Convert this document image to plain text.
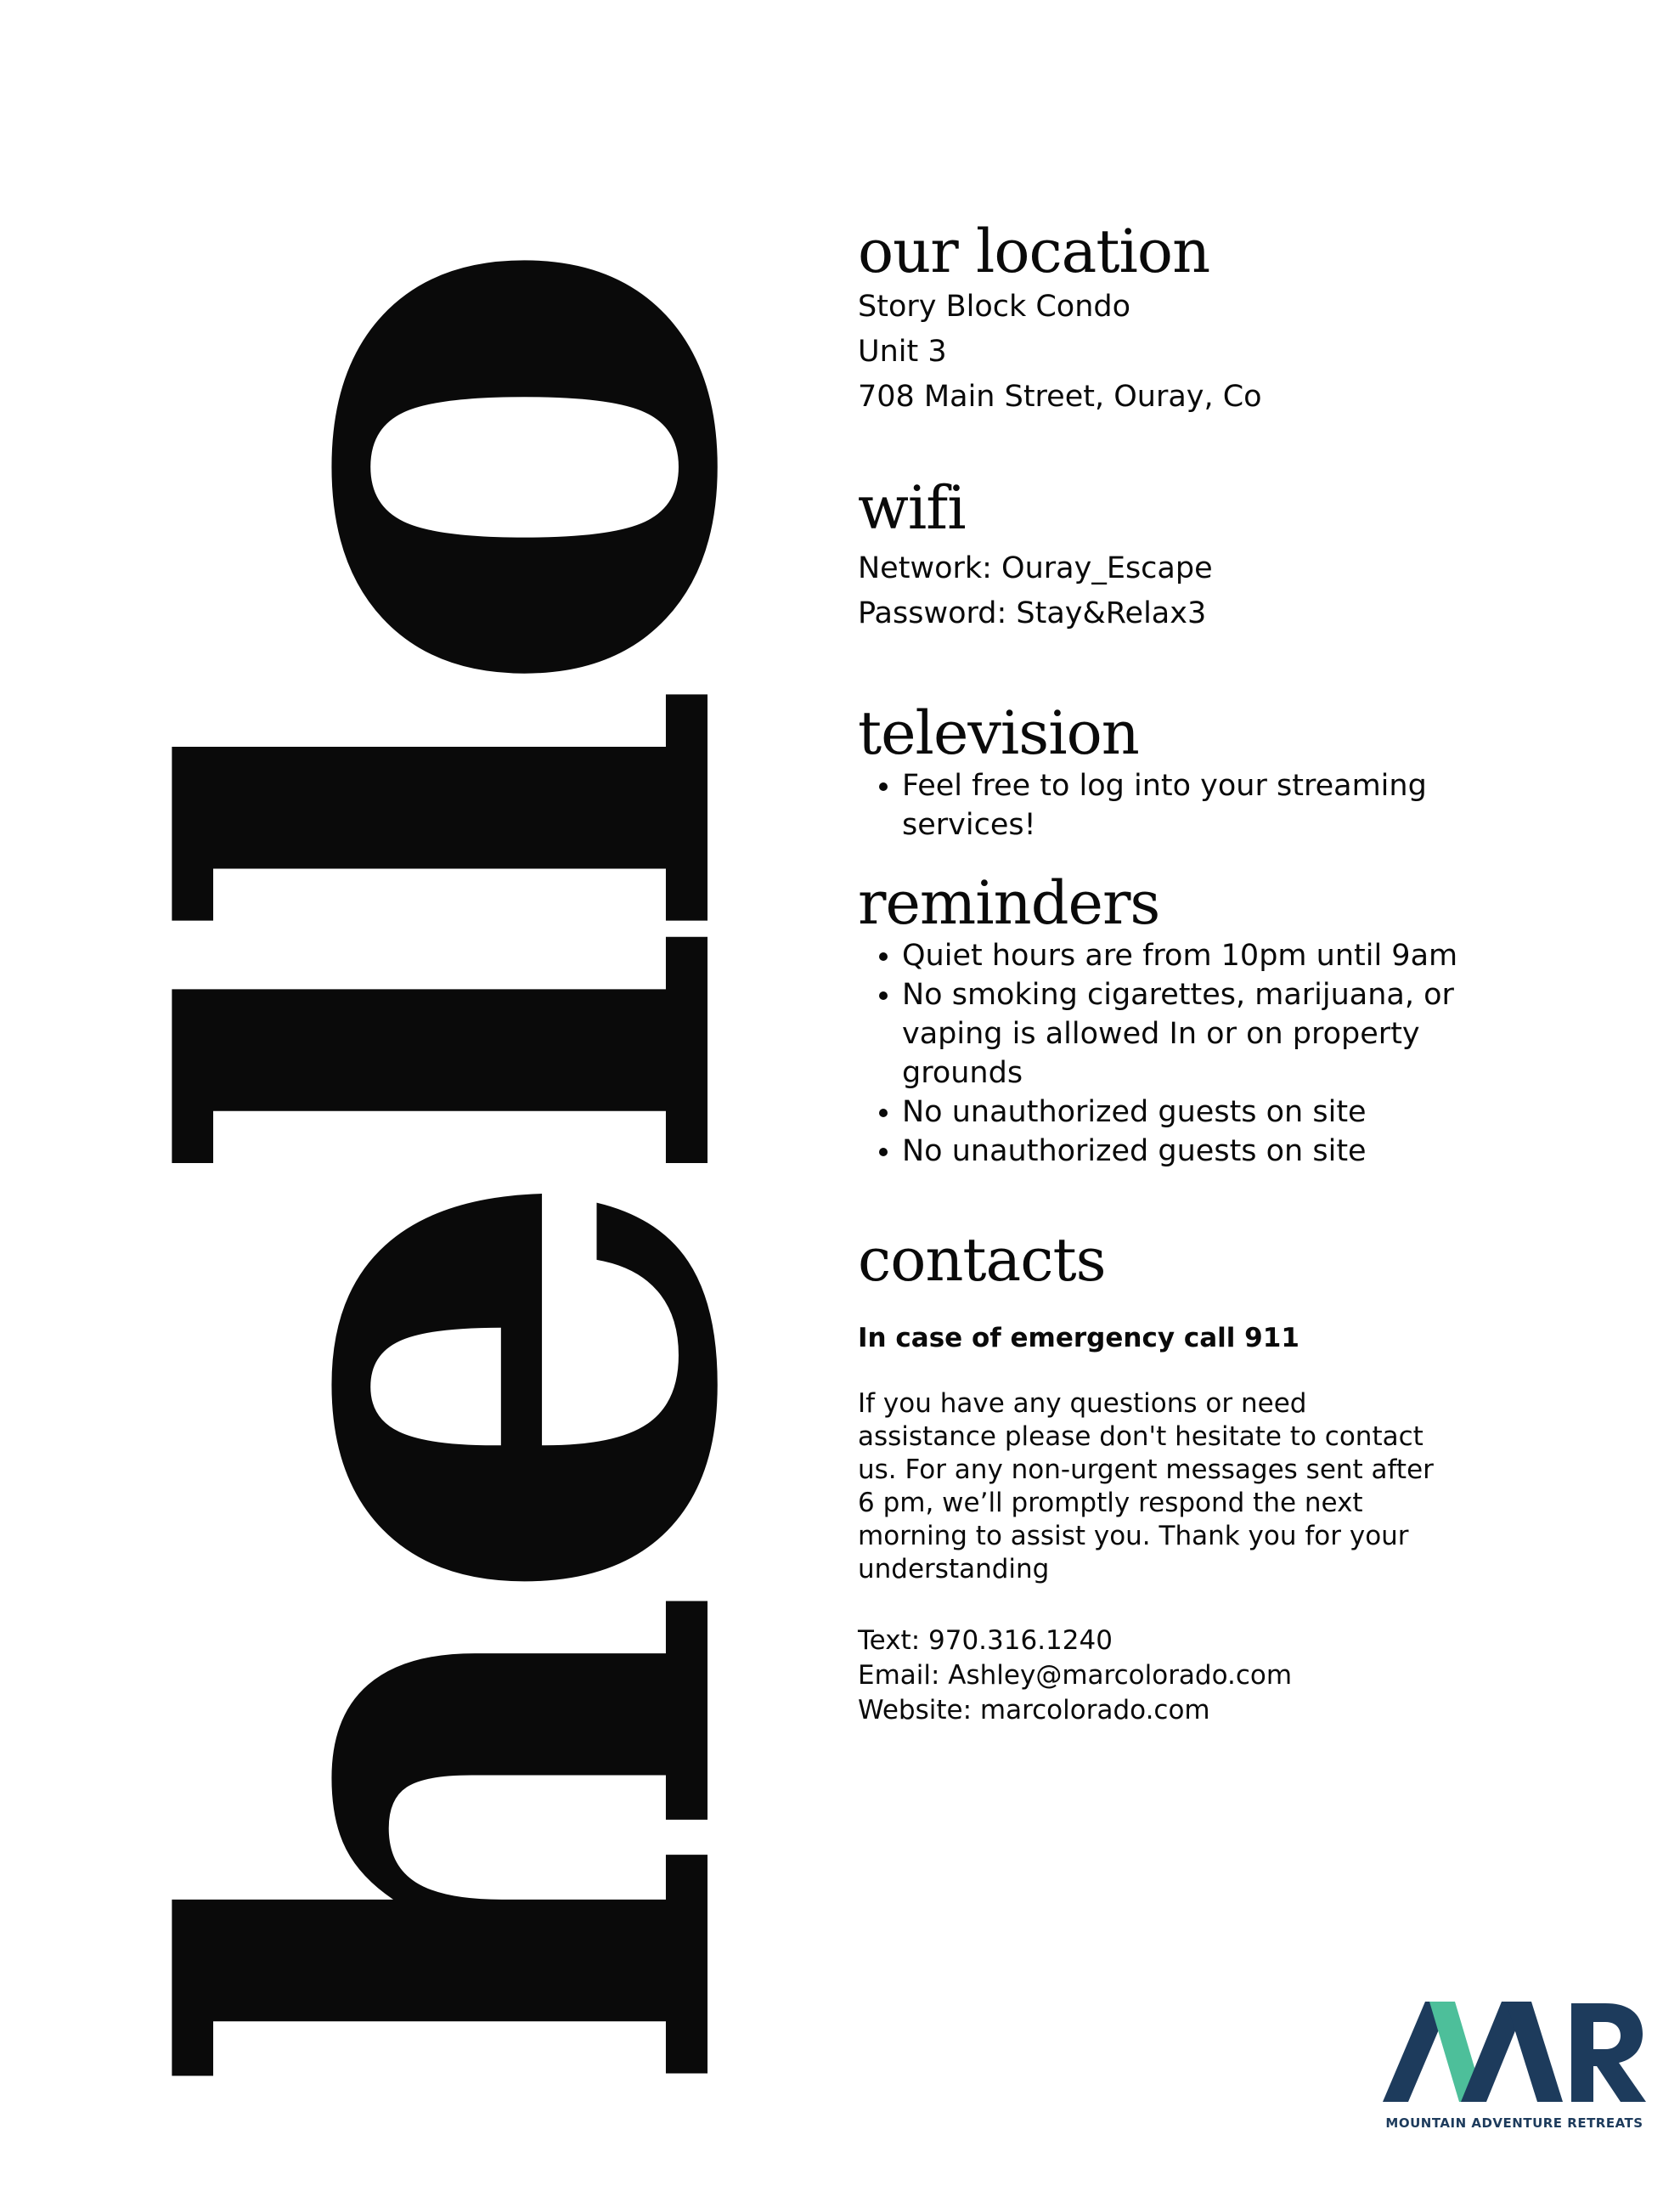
hello
our location
Story Block Condo
Unit 3
708 Main Street, Ouray, Co
wifi
Network: Ouray_Escape
Password: Stay&Relax3
television
• Feel free to log into your streaming services!
reminders
• Quiet hours are from 10pm until 9am
• No smoking cigarettes, marijuana, or vaping is allowed In or on property grounds
• No unauthorized guests on site
• No unauthorized guests on site
contacts

In case of emergency call 911

If you have any questions or need assistance please don't hesitate to contact us. For any non-urgent messages sent after 6 pm, we’ll promptly respond the next morning to assist you. Thank you for your understanding

Text: 970.316.1240

Email: Ashley@marcolorado.com

Website: marcolorado.com

MOUNTAIN ADVENTURE RETREATS
